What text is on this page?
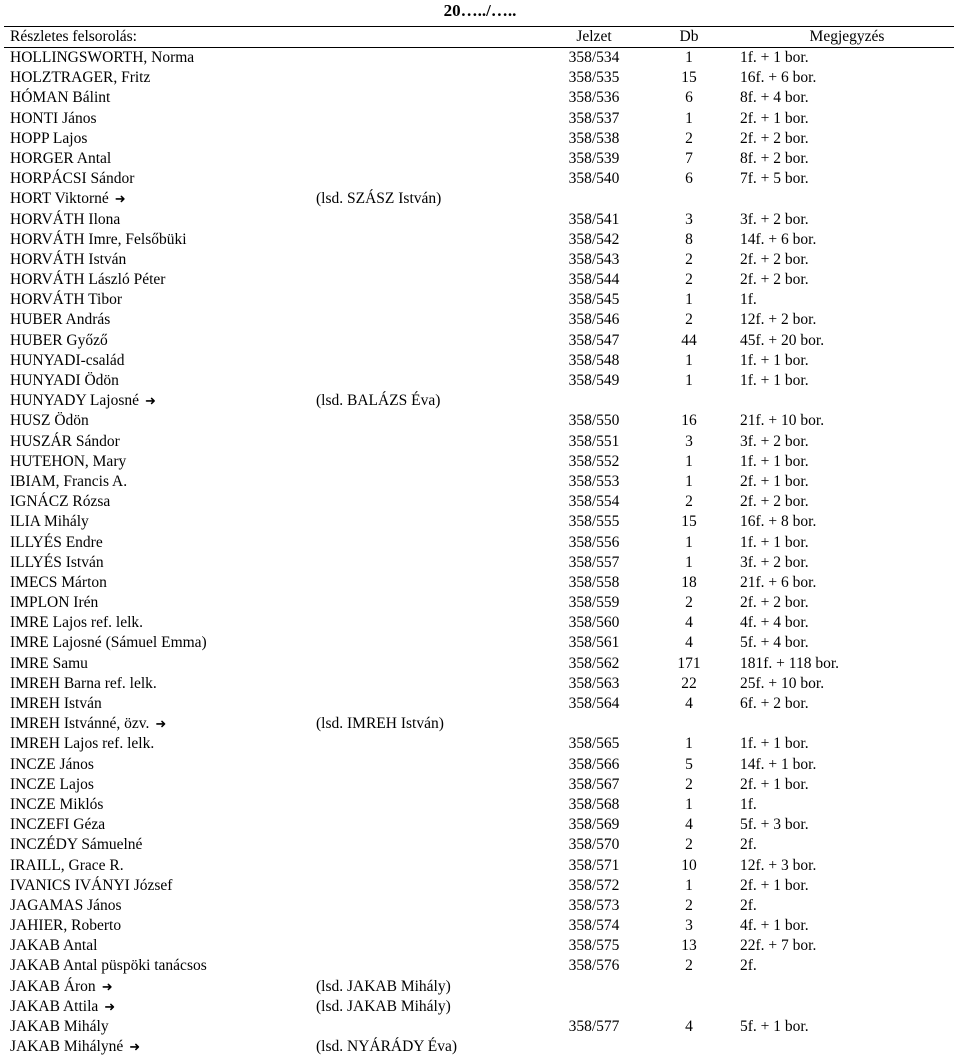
20…../…..
Részletes felsorolás:	Jelzet	Db	Megjegyzés
HOLLINGSWORTH, Norma	358/534	1	1f. + 1 bor.
HOLZTRAGER, Fritz	358/535	15	16f. + 6 bor.
HÓMAN Bálint	358/536	6	8f. + 4 bor.
HONTI János	358/537	1	2f. + 1 bor.
HOPP Lajos	358/538	2	2f. + 2 bor.
HORGER Antal	358/539	7	8f. + 2 bor.
HORPÁCSI Sándor	358/540	6	7f. + 5 bor.
HORT Viktorné ➜	(lsd. SZÁSZ István)
HORVÁTH Ilona	358/541	3	3f. + 2 bor.
HORVÁTH Imre, Felsőbüki	358/542	8	14f. + 6 bor.
HORVÁTH István	358/543	2	2f. + 2 bor.
HORVÁTH László Péter	358/544	2	2f. + 2 bor.
HORVÁTH Tibor	358/545	1	1f.
HUBER András	358/546	2	12f. + 2 bor.
HUBER Győző	358/547	44	45f. + 20 bor.
HUNYADI-család	358/548	1	1f. + 1 bor.
HUNYADI Ödön	358/549	1	1f. + 1 bor.
HUNYADY Lajosné ➜	(lsd. BALÁZS Éva)
HUSZ Ödön	358/550	16	21f. + 10 bor.
HUSZÁR Sándor	358/551	3	3f. + 2 bor.
HUTEHON, Mary	358/552	1	1f. + 1 bor.
IBIAM, Francis A.	358/553	1	2f. + 1 bor.
IGNÁCZ Rózsa	358/554	2	2f. + 2 bor.
ILIA Mihály	358/555	15	16f. + 8 bor.
ILLYÉS Endre	358/556	1	1f. + 1 bor.
ILLYÉS István	358/557	1	3f. + 2 bor.
IMECS Márton	358/558	18	21f. + 6 bor.
IMPLON Irén	358/559	2	2f. + 2 bor.
IMRE Lajos ref. lelk.	358/560	4	4f. + 4 bor.
IMRE Lajosné (Sámuel Emma)	358/561	4	5f. + 4 bor.
IMRE Samu	358/562	171	181f. + 118 bor.
IMREH Barna ref. lelk.	358/563	22	25f. + 10 bor.
IMREH István	358/564	4	6f. + 2 bor.
IMREH Istvánné, özv. ➜	(lsd. IMREH István)
IMREH Lajos ref. lelk.	358/565	1	1f. + 1 bor.
INCZE János	358/566	5	14f. + 1 bor.
INCZE Lajos	358/567	2	2f. + 1 bor.
INCZE Miklós	358/568	1	1f.
INCZEFI Géza	358/569	4	5f. + 3 bor.
INCZÉDY Sámuelné	358/570	2	2f.
IRAILL, Grace R.	358/571	10	12f. + 3 bor.
IVANICS IVÁNYI József	358/572	1	2f. + 1 bor.
JAGAMAS János	358/573	2	2f.
JAHIER, Roberto	358/574	3	4f. + 1 bor.
JAKAB Antal	358/575	13	22f. + 7 bor.
JAKAB Antal püspöki tanácsos	358/576	2	2f.
JAKAB Áron ➜	(lsd. JAKAB Mihály)
JAKAB Attila ➜	(lsd. JAKAB Mihály)
JAKAB Mihály	358/577	4	5f. + 1 bor.
JAKAB Mihályné ➜	(lsd. NYÁRÁDY Éva)
